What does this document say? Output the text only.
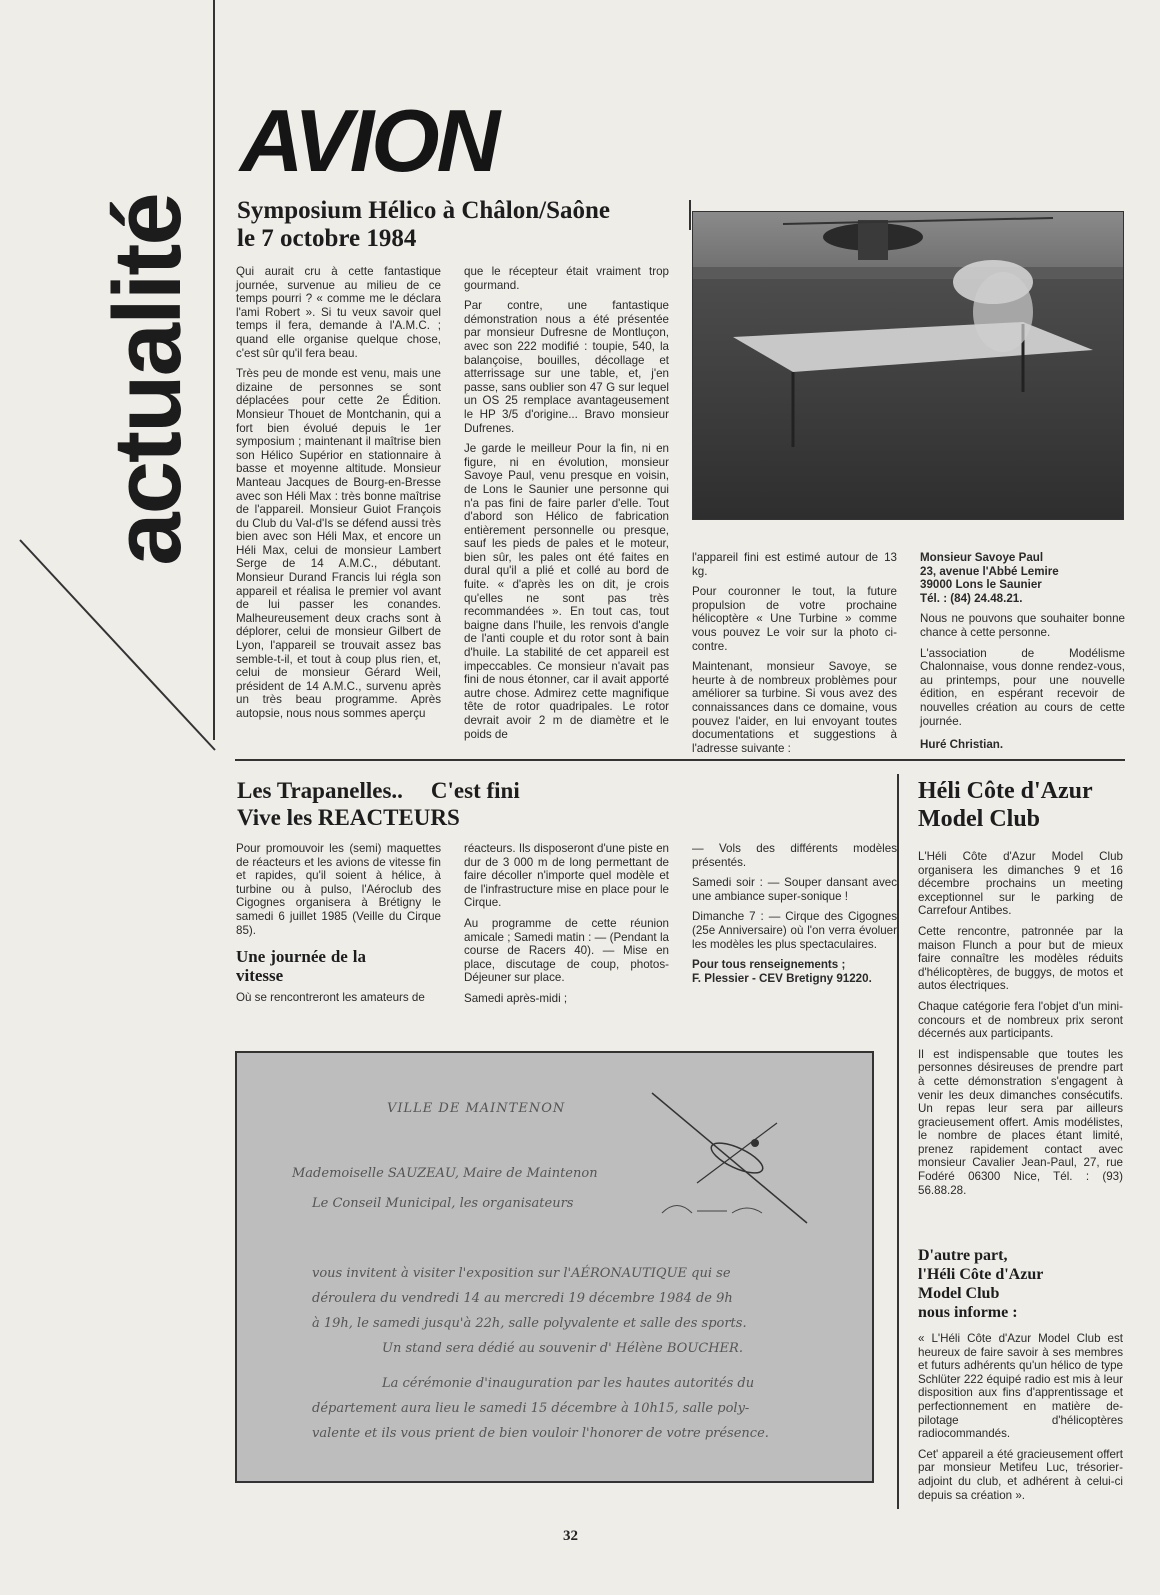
actualité
AVION
Symposium Hélico à Châlon/Saône
le 7 octobre 1984

Qui aurait cru à cette fantastique journée, survenue au milieu de ce temps pourri ? « comme me le déclara l'ami Robert ». Si tu veux savoir quel temps il fera, demande à l'A.M.C. ; quand elle organise quelque chose, c'est sûr qu'il fera beau.

Très peu de monde est venu, mais une dizaine de personnes se sont déplacées pour cette 2e Édition. Monsieur Thouet de Montchanin, qui a fort bien évolué depuis le 1er symposium ; maintenant il maîtrise bien son Hélico Supérior en stationnaire à basse et moyenne altitude. Monsieur Manteau Jacques de Bourg-en-Bresse avec son Héli Max : très bonne maîtrise de l'appareil. Monsieur Guiot François du Club du Val-d'Is se défend aussi très bien avec son Héli Max, et encore un Héli Max, celui de monsieur Lambert Serge de 14 A.M.C., débutant. Monsieur Durand Francis lui régla son appareil et réalisa le premier vol avant de lui passer les conandes. Malheureusement deux crachs sont à déplorer, celui de monsieur Gilbert de Lyon, l'appareil se trouvait assez bas semble-t-il, et tout à coup plus rien, et, celui de monsieur Gérard Weil, président de 14 A.M.C., survenu après un très beau programme. Après autopsie, nous nous sommes aperçu

que le récepteur était vraiment trop gourmand.

Par contre, une fantastique démonstration nous a été présentée par monsieur Dufresne de Montluçon, avec son 222 modifié : toupie, 540, la balançoise, bouilles, décollage et atterrissage sur une table, et, j'en passe, sans oublier son 47 G sur lequel un OS 25 remplace avantageusement le HP 3/5 d'origine... Bravo monsieur Dufrenes.

Je garde le meilleur Pour la fin, ni en figure, ni en évolution, monsieur Savoye Paul, venu presque en voisin, de Lons le Saunier une personne qui n'a pas fini de faire parler d'elle. Tout d'abord son Hélico de fabrication entièrement personnelle ou presque, sauf les pieds de pales et le moteur, bien sûr, les pales ont été faites en dural qu'il a plié et collé au bord de fuite. « d'après les on dit, je crois qu'elles ne sont pas très recommandées ». En tout cas, tout baigne dans l'huile, les renvois d'angle de l'anti couple et du rotor sont à bain d'huile. La stabilité de cet appareil est impeccables. Ce monsieur n'avait pas fini de nous étonner, car il avait apporté autre chose. Admirez cette magnifique tête de rotor quadripales. Le rotor devrait avoir 2 m de diamètre et le poids de

l'appareil fini est estimé autour de 13 kg.

Pour couronner le tout, la future propulsion de votre prochaine hélicoptère « Une Turbine » comme vous pouvez Le voir sur la photo ci-contre.

Maintenant, monsieur Savoye, se heurte à de nombreux problèmes pour améliorer sa turbine. Si vous avez des connaissances dans ce domaine, vous pouvez l'aider, en lui envoyant toutes documentations et suggestions à l'adresse suivante :

Monsieur Savoye Paul
23, avenue l'Abbé Lemire
39000 Lons le Saunier
Tél. : (84) 24.48.21.

Nous ne pouvons que souhaiter bonne chance à cette personne.

L'association de Modélisme Chalonnaise, vous donne rendez-vous, au printemps, pour une nouvelle édition, en espérant recevoir de nouvelles création au cours de cette journée.

Huré Christian.

Les Trapanelles.. C'est fini
Vive les REACTEURS

Pour promouvoir les (semi) maquettes de réacteurs et les avions de vitesse fin et rapides, qu'il soient à hélice, à turbine ou à pulso, l'Aéroclub des Cigognes organisera à Brétigny le samedi 6 juillet 1985 (Veille du Cirque 85).

Une journée de la vitesse

Où se rencontreront les amateurs de

réacteurs. Ils disposeront d'une piste en dur de 3 000 m de long permettant de faire décoller n'importe quel modèle et de l'infrastructure mise en place pour le Cirque.

Au programme de cette réunion amicale ; Samedi matin : — (Pendant la course de Racers 40). — Mise en place, discutage de coup, photos-Déjeuner sur place.

Samedi après-midi ;

— Vols des différents modèles présentés.

Samedi soir : — Souper dansant avec une ambiance super-sonique !

Dimanche 7 : — Cirque des Cigognes (25e Anniversaire) où l'on verra évoluer les modèles les plus spectaculaires.

Pour tous renseignements ;
F. Plessier - CEV Bretigny 91220.
Héli Côte d'Azur
Model Club

L'Héli Côte d'Azur Model Club organisera les dimanches 9 et 16 décembre prochains un meeting exceptionnel sur le parking de Carrefour Antibes.

Cette rencontre, patronnée par la maison Flunch a pour but de mieux faire connaître les modèles réduits d'hélicoptères, de buggys, de motos et autos électriques.

Chaque catégorie fera l'objet d'un mini-concours et de nombreux prix seront décernés aux participants.

Il est indispensable que toutes les personnes désireuses de prendre part à cette démonstration s'engagent à venir les deux dimanches consécutifs. Un repas leur sera par ailleurs gracieusement offert. Amis modélistes, le nombre de places étant limité, prenez rapidement contact avec monsieur Cavalier Jean-Paul, 27, rue Fodéré 06300 Nice, Tél. : (93) 56.88.28.

D'autre part,
l'Héli Côte d'Azur
Model Club
nous informe :

« L'Héli Côte d'Azur Model Club est heureux de faire savoir à ses membres et futurs adhérents qu'un hélico de type Schlüter 222 équipé radio est mis à leur disposition aux fins d'apprentissage et perfectionnement en matière de-pilotage d'hélicoptères radiocommandés.

Cet' appareil a été gracieusement offert par monsieur Metifeu Luc, trésorier-adjoint du club, et adhérent à celui-ci depuis sa création ».

VILLE DE MAINTENON
Mademoiselle SAUZEAU, Maire de Maintenon
Le Conseil Municipal, les organisateurs
vous invitent à visiter l'exposition sur l'AÉRONAUTIQUE qui se
déroulera du vendredi 14 au mercredi 19 décembre 1984 de 9h
à 19h, le samedi jusqu'à 22h, salle polyvalente et salle des sports.
Un stand sera dédié au souvenir d' Hélène BOUCHER.
La cérémonie d'inauguration par les hautes autorités du
département aura lieu le samedi 15 décembre à 10h15, salle poly-
valente et ils vous prient de bien vouloir l'honorer de votre présence.
32
